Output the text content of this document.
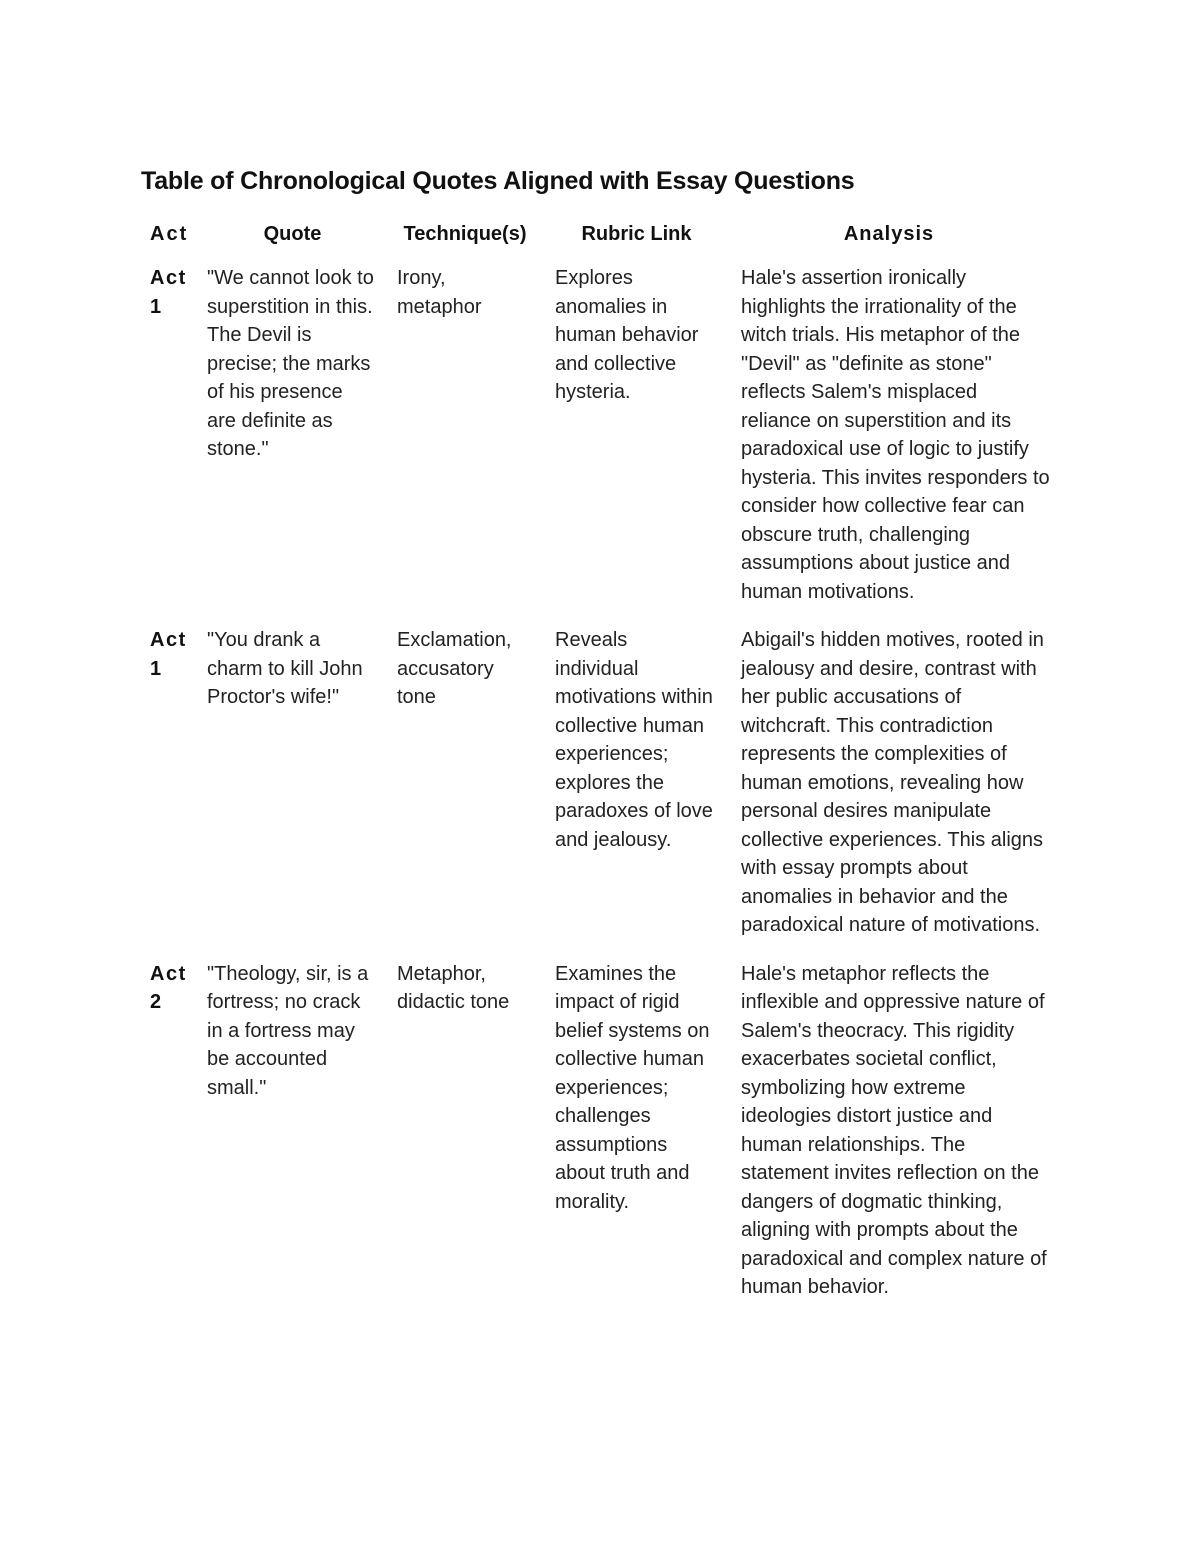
Table of Chronological Quotes Aligned with Essay Questions
Act	Quote	Technique(s)	Rubric Link	Analysis
Act 1	"We cannot look to superstition in this. The Devil is precise; the marks of his presence are definite as stone."	Irony, metaphor	Explores anomalies in human behavior and collective hysteria.	Hale's assertion ironically highlights the irrationality of the witch trials. His metaphor of the "Devil" as "definite as stone" reflects Salem's misplaced reliance on superstition and its paradoxical use of logic to justify hysteria. This invites responders to consider how collective fear can obscure truth, challenging assumptions about justice and human motivations.
Act 1	"You drank a charm to kill John Proctor's wife!"	Exclamation, accusatory tone	Reveals individual motivations within collective human experiences; explores the paradoxes of love and jealousy.	Abigail's hidden motives, rooted in jealousy and desire, contrast with her public accusations of witchcraft. This contradiction represents the complexities of human emotions, revealing how personal desires manipulate collective experiences. This aligns with essay prompts about anomalies in behavior and the paradoxical nature of motivations.
Act 2	"Theology, sir, is a fortress; no crack in a fortress may be accounted small."	Metaphor, didactic tone	Examines the impact of rigid belief systems on collective human experiences; challenges assumptions about truth and morality.	Hale's metaphor reflects the inflexible and oppressive nature of Salem's theocracy. This rigidity exacerbates societal conflict, symbolizing how extreme ideologies distort justice and human relationships. The statement invites reflection on the dangers of dogmatic thinking, aligning with prompts about the paradoxical and complex nature of human behavior.
